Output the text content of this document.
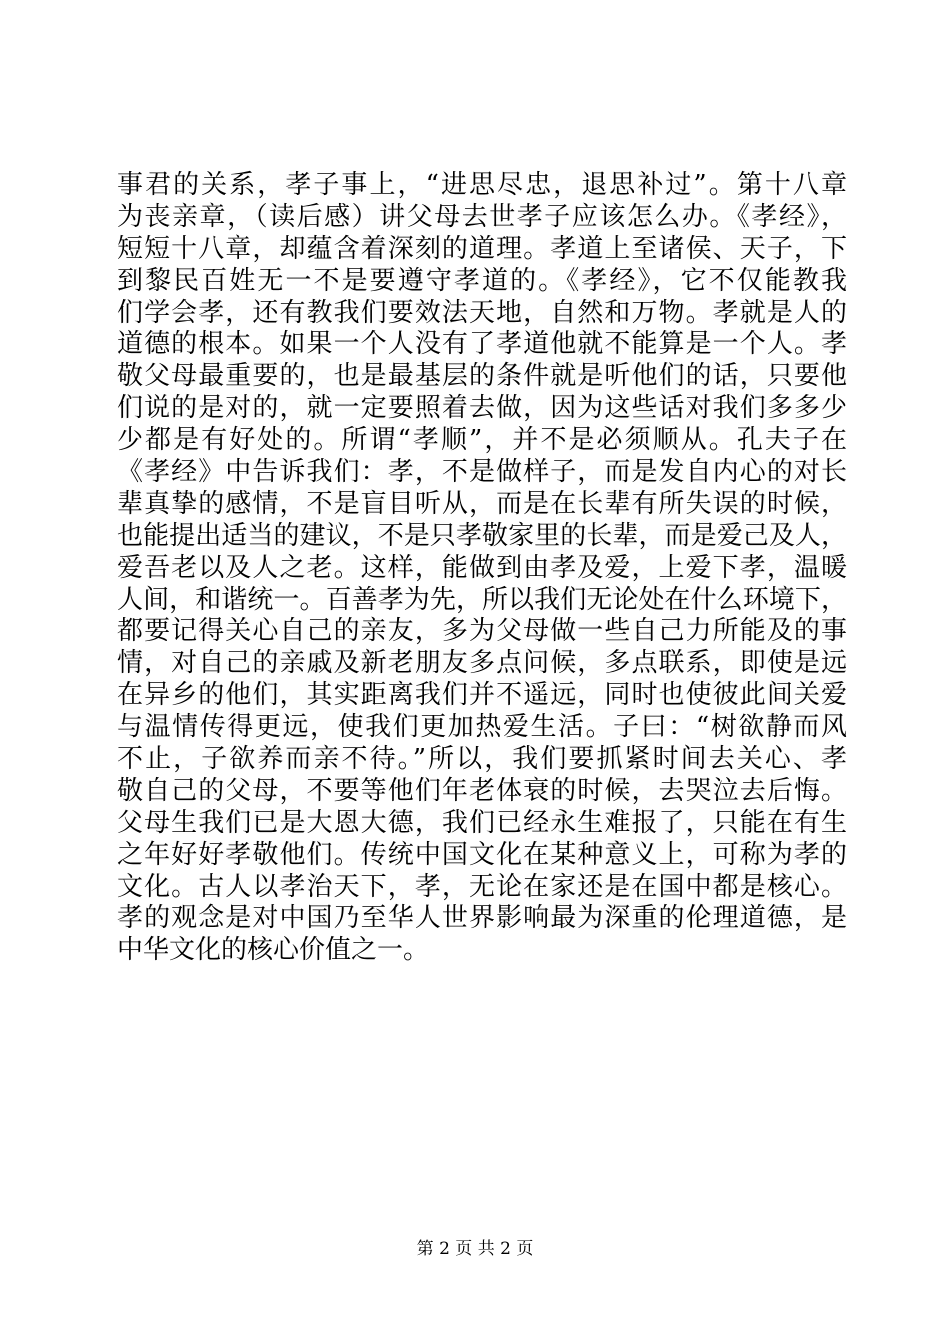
事君的关系，孝子事上，“进思尽忠，退思补过”。第十八章
为丧亲章，（读后感）讲父母去世孝子应该怎么办。《孝经》，
短短十八章，却蕴含着深刻的道理。孝道上至诸侯、天子，下
到黎民百姓无一不是要遵守孝道的。《孝经》，它不仅能教我
们学会孝，还有教我们要效法天地，自然和万物。孝就是人的
道德的根本。如果一个人没有了孝道他就不能算是一个人。孝
敬父母最重要的，也是最基层的条件就是听他们的话，只要他
们说的是对的，就一定要照着去做，因为这些话对我们多多少
少都是有好处的。所谓“孝顺”，并不是必须顺从。孔夫子在
《孝经》中告诉我们：孝，不是做样子，而是发自内心的对长
辈真挚的感情，不是盲目听从，而是在长辈有所失误的时候，
也能提出适当的建议，不是只孝敬家里的长辈，而是爱己及人，
爱吾老以及人之老。这样，能做到由孝及爱，上爱下孝，温暖
人间，和谐统一。百善孝为先，所以我们无论处在什么环境下，
都要记得关心自己的亲友，多为父母做一些自己力所能及的事
情，对自己的亲戚及新老朋友多点问候，多点联系，即使是远
在异乡的他们，其实距离我们并不遥远，同时也使彼此间关爱
与温情传得更远，使我们更加热爱生活。子曰：“树欲静而风
不止，子欲养而亲不待。”所以，我们要抓紧时间去关心、孝
敬自己的父母，不要等他们年老体衰的时候，去哭泣去后悔。
父母生我们已是大恩大德，我们已经永生难报了，只能在有生
之年好好孝敬他们。传统中国文化在某种意义上，可称为孝的
文化。古人以孝治天下，孝，无论在家还是在国中都是核心。
孝的观念是对中国乃至华人世界影响最为深重的伦理道德，是
中华文化的核心价值之一。
第 2 页 共 2 页
